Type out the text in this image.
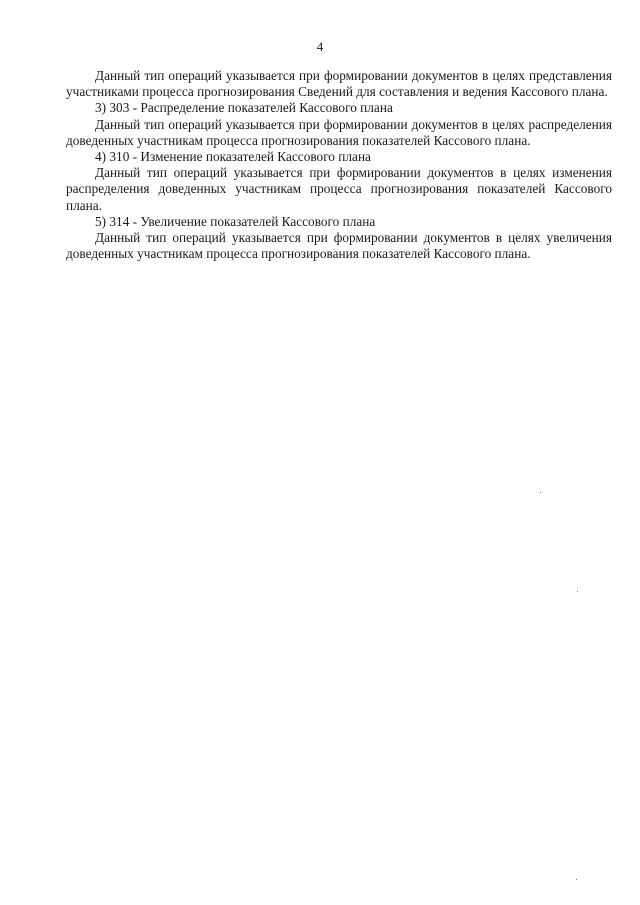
4

Данный тип операций указывается при формировании документов в целях представления участниками процесса прогнозирования Сведений для составления и ведения Кассового плана.

3) 303 - Распределение показателей Кассового плана

Данный тип операций указывается при формировании документов в целях распределения доведенных участникам процесса прогнозирования показателей Кассового плана.

4) 310 - Изменение показателей Кассового плана

Данный тип операций указывается при формировании документов в целях изменения распределения доведенных участникам процесса прогнозирования показателей Кассового плана.

5) 314 - Увеличение показателей Кассового плана

Данный тип операций указывается при формировании документов в целях увеличения доведенных участникам процесса прогнозирования показателей Кассового плана.
